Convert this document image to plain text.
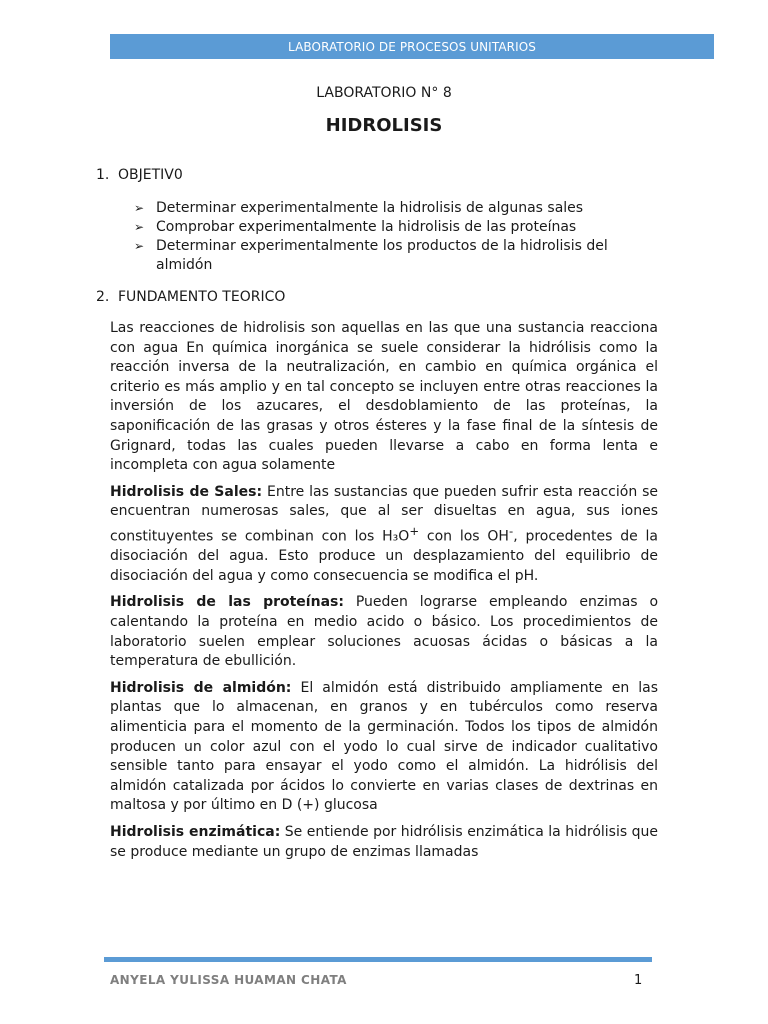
LABORATORIO DE PROCESOS UNITARIOS
LABORATORIO N° 8
HIDROLISIS
1. OBJETIV0
➢ Determinar experimentalmente la hidrolisis de algunas sales
➢ Comprobar experimentalmente la hidrolisis de las proteínas
➢ Determinar experimentalmente los productos de la hidrolisis del almidón
2. FUNDAMENTO TEORICO

Las reacciones de hidrolisis son aquellas en las que una sustancia reacciona con agua En química inorgánica se suele considerar la hidrólisis como la reacción inversa de la neutralización, en cambio en química orgánica el criterio es más amplio y en tal concepto se incluyen entre otras reacciones la inversión de los azucares, el desdoblamiento de las proteínas, la saponificación de las grasas y otros ésteres y la fase final de la síntesis de Grignard, todas las cuales pueden llevarse a cabo en forma lenta e incompleta con agua solamente

Hidrolisis de Sales: Entre las sustancias que pueden sufrir esta reacción se encuentran numerosas sales, que al ser disueltas en agua, sus iones constituyentes se combinan con los H₃O+ con los OH-, procedentes de la disociación del agua. Esto produce un desplazamiento del equilibrio de disociación del agua y como consecuencia se modifica el pH.

Hidrolisis de las proteínas: Pueden lograrse empleando enzimas o calentando la proteína en medio acido o básico. Los procedimientos de laboratorio suelen emplear soluciones acuosas ácidas o básicas a la temperatura de ebullición.

Hidrolisis de almidón: El almidón está distribuido ampliamente en las plantas que lo almacenan, en granos y en tubérculos como reserva alimenticia para el momento de la germinación. Todos los tipos de almidón producen un color azul con el yodo lo cual sirve de indicador cualitativo sensible tanto para ensayar el yodo como el almidón. La hidrólisis del almidón catalizada por ácidos lo convierte en varias clases de dextrinas en maltosa y por último en D (+) glucosa

Hidrolisis enzimática: Se entiende por hidrólisis enzimática la hidrólisis que se produce mediante un grupo de enzimas llamadas

ANYELA YULISSA HUAMAN CHATA	1
